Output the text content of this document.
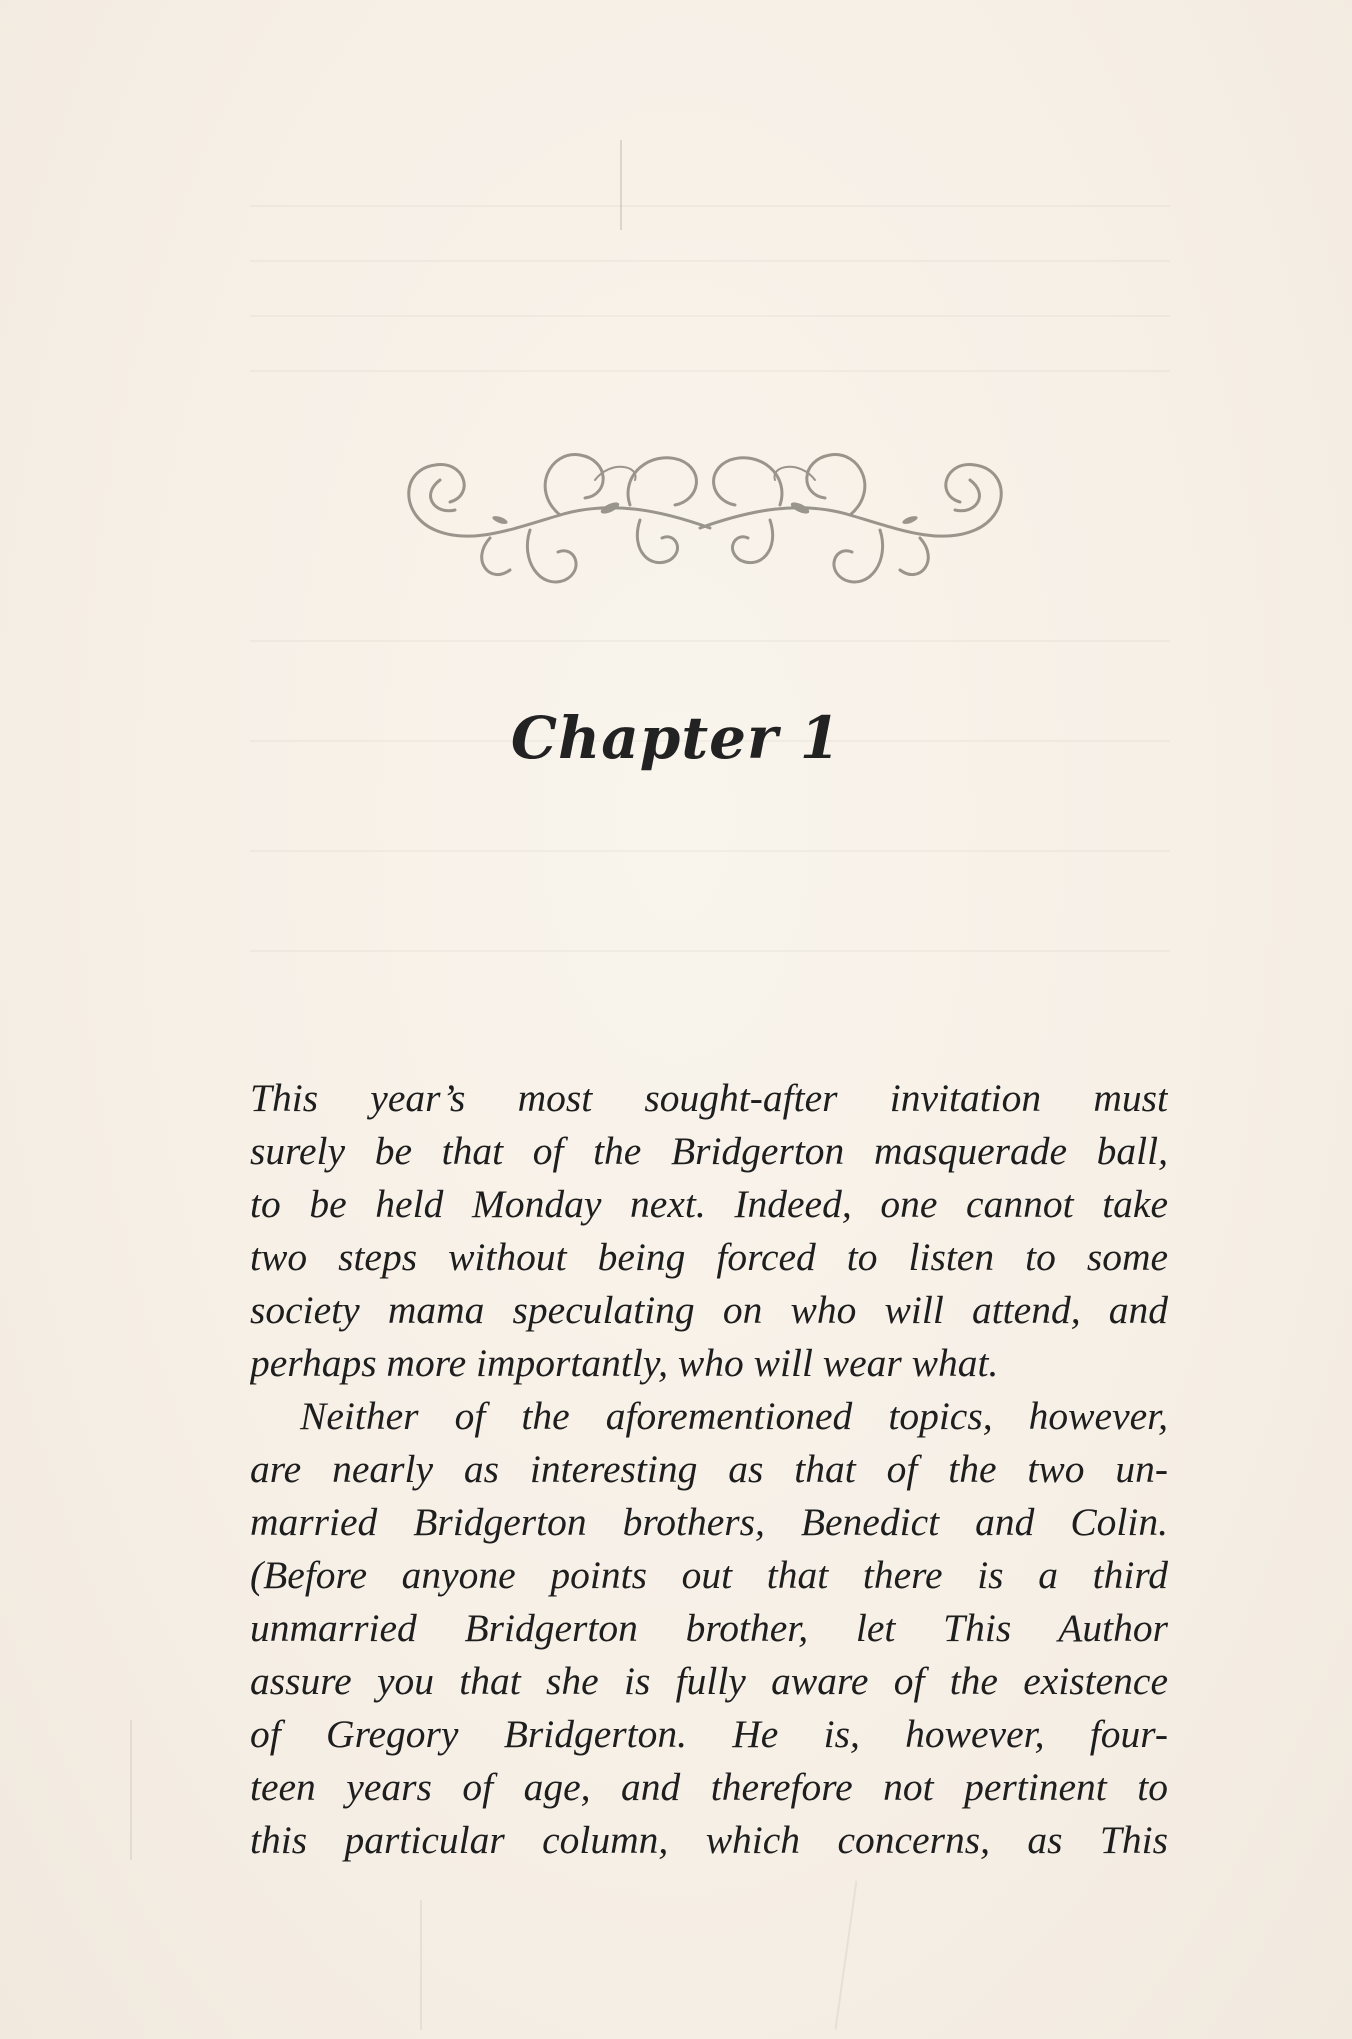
Chapter 1

This year’s most sought-after invitation must
surely be that of the Bridgerton masquerade ball,
to be held Monday next. Indeed, one cannot take
two steps without being forced to listen to some
society mama speculating on who will attend, and
perhaps more importantly, who will wear what.

Neither of the aforementioned topics, however,
are nearly as interesting as that of the two un-
married Bridgerton brothers, Benedict and Colin.
(Before anyone points out that there is a third
unmarried Bridgerton brother, let This Author
assure you that she is fully aware of the existence
of Gregory Bridgerton. He is, however, four-
teen years of age, and therefore not pertinent to
this particular column, which concerns, as This
